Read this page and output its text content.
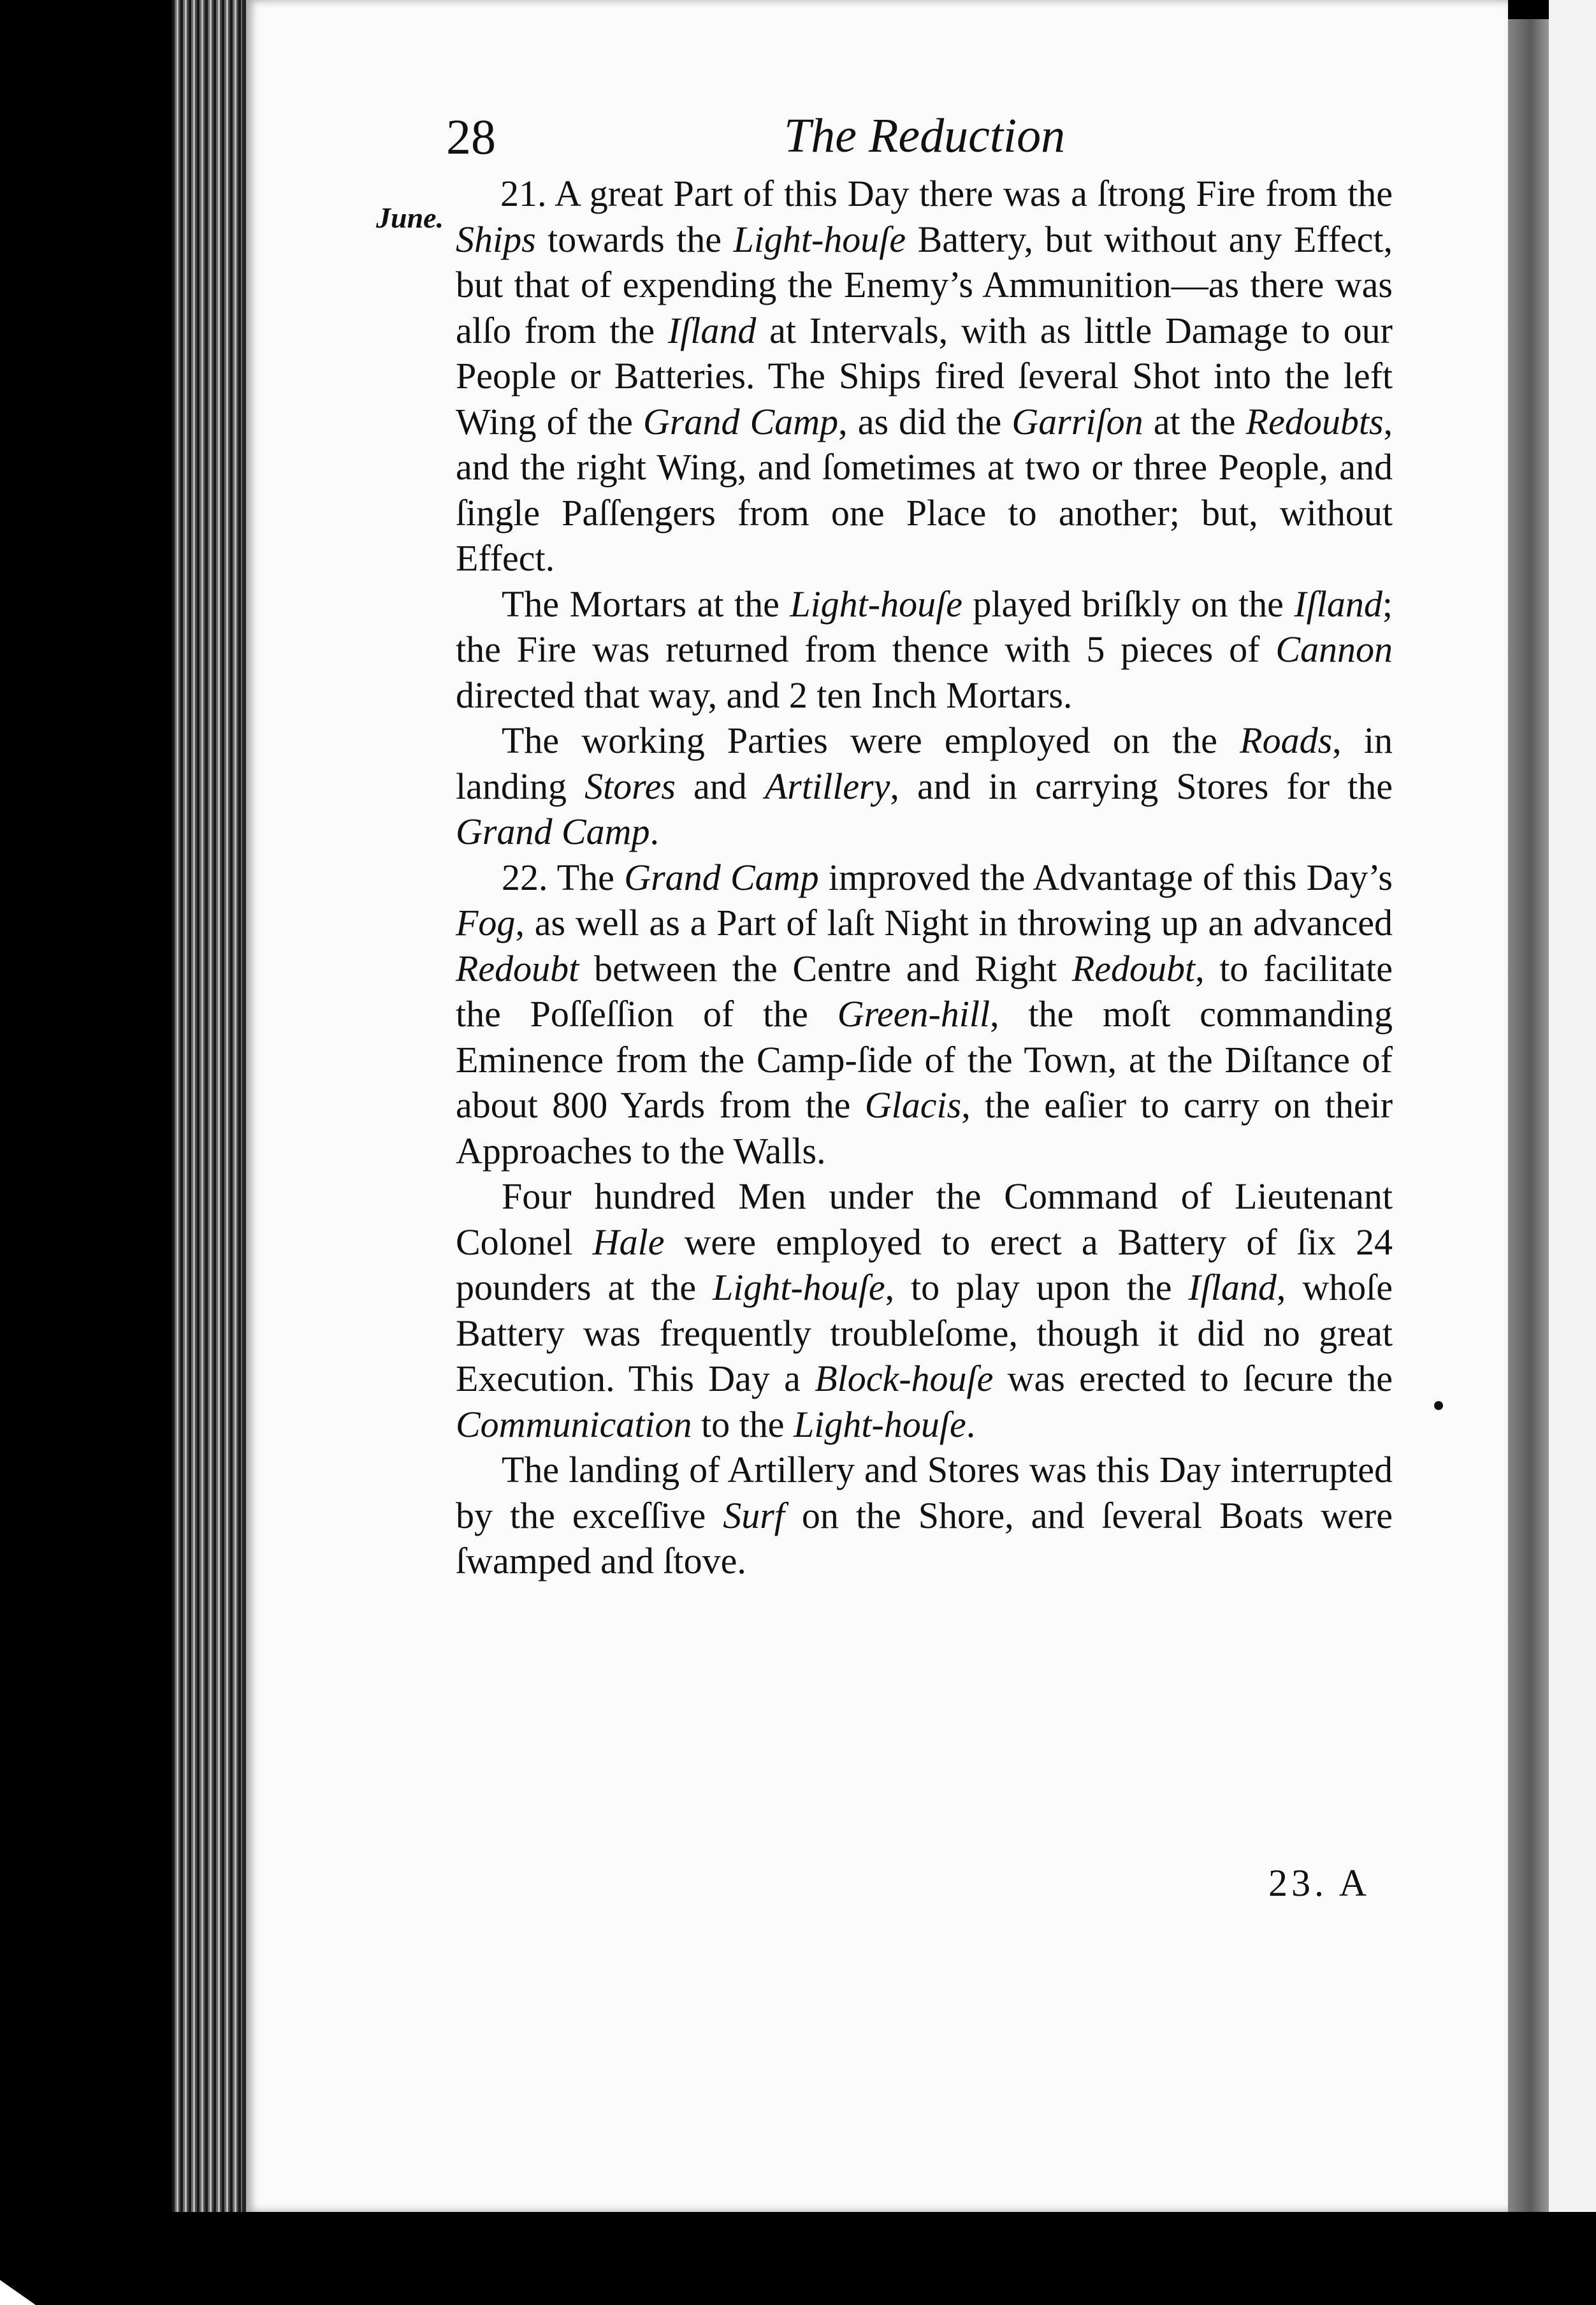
28	The Reduction
June.

21. A great Part of this Day there was a ſtrong Fire from the Ships towards the Light-houſe Battery, but without any Effect, but that of expending the Enemy’s Ammunition—as there was alſo from the Iſland at Intervals, with as little Damage to our People or Batteries. The Ships fired ſeveral Shot into the left Wing of the Grand Camp, as did the Garriſon at the Redoubts, and the right Wing, and ſometimes at two or three People, and ſingle Paſſengers from one Place to another; but, without Effect.

The Mortars at the Light-houſe played briſkly on the Iſland; the Fire was returned from thence with 5 pieces of Cannon directed that way, and 2 ten Inch Mortars.

The working Parties were employed on the Roads, in landing Stores and Artillery, and in carrying Stores for the Grand Camp.

22. The Grand Camp improved the Advantage of this Day’s Fog, as well as a Part of laſt Night in throwing up an advanced Redoubt between the Centre and Right Redoubt, to facilitate the Poſſeſſion of the Green-hill, the moſt commanding Eminence from the Camp-ſide of the Town, at the Diſtance of about 800 Yards from the Glacis, the eaſier to carry on their Approaches to the Walls.

Four hundred Men under the Command of Lieutenant Colonel Hale were employed to erect a Battery of ſix 24 pounders at the Light-houſe, to play upon the Iſland, whoſe Battery was frequently troubleſome, though it did no great Execution. This Day a Block-houſe was erected to ſecure the Communication to the Light-houſe.

The landing of Artillery and Stores was this Day interrupted by the exceſſive Surf on the Shore, and ſeveral Boats were ſwamped and ſtove.

23. A
